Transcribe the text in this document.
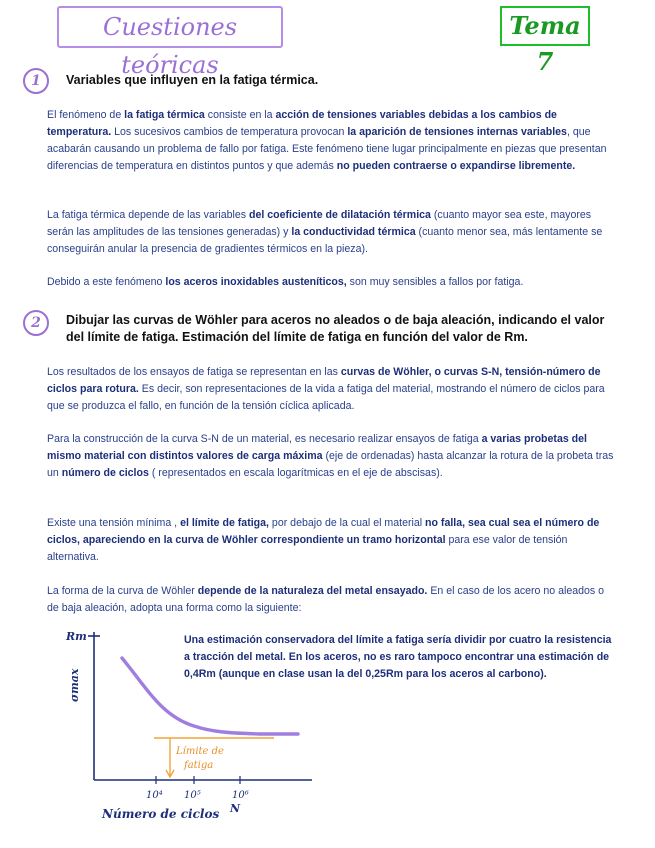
Cuestiones teóricas
Tema 7
1	Variables que influyen en la fatiga térmica.
El fenómeno de la fatiga térmica consiste en la acción de tensiones variables debidas a los cambios de temperatura. Los sucesivos cambios de temperatura provocan la aparición de tensiones internas variables, que acabarán causando un problema de fallo por fatiga. Este fenómeno tiene lugar principalmente en piezas que presentan diferencias de temperatura en distintos puntos y que además no pueden contraerse o expandirse libremente.
La fatiga térmica depende de las variables del coeficiente de dilatación térmica (cuanto mayor sea este, mayores serán las amplitudes de las tensiones generadas) y la conductividad térmica (cuanto menor sea, más lentamente se conseguirán anular la presencia de gradientes térmicos en la pieza).
Debido a este fenómeno los aceros inoxidables austeníticos, son muy sensibles a fallos por fatiga.
2	Dibujar las curvas de Wöhler para aceros no aleados o de baja aleación, indicando el valor del límite de fatiga. Estimación del límite de fatiga en función del valor de Rm.
Los resultados de los ensayos de fatiga se representan en las curvas de Wöhler, o curvas S-N, tensión-número de ciclos para rotura. Es decir, son representaciones de la vida a fatiga del material, mostrando el número de ciclos para que se produzca el fallo, en función de la tensión cíclica aplicada.
Para la construcción de la curva S-N de un material, es necesario realizar ensayos de fatiga a varias probetas del mismo material con distintos valores de carga máxima (eje de ordenadas) hasta alcanzar la rotura de la probeta tras un número de ciclos ( representados en escala logarítmicas en el eje de abscisas).
Existe una tensión mínima , el límite de fatiga, por debajo de la cual el material no falla, sea cual sea el número de ciclos, apareciendo en la curva de Wöhler correspondiente un tramo horizontal para ese valor de tensión alternativa.
La forma de la curva de Wöhler depende de la naturaleza del metal ensayado. En el caso de los acero no aleados o de baja aleación, adopta una forma como la siguiente:
Rm
σmax
Límite de
fatiga
10⁴ 10⁵	10⁶
N
Número de ciclos
Una estimación conservadora del límite a fatiga sería dividir por cuatro la resistencia a tracción del metal. En los aceros, no es raro tampoco encontrar una estimación de 0,4Rm (aunque en clase usan la del 0,25Rm para los aceros al carbono).
